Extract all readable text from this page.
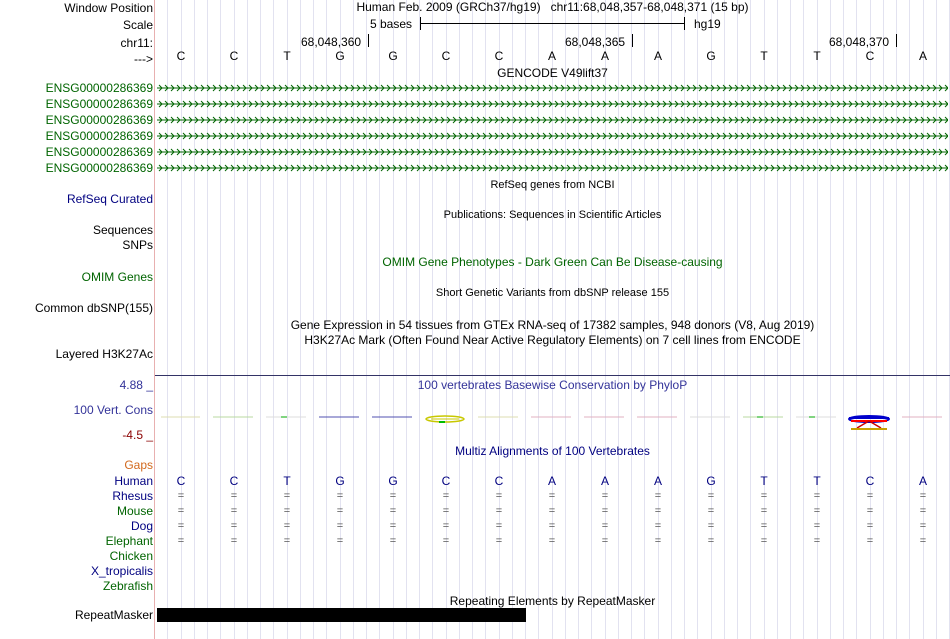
Window Position	Human Feb. 2009 (GRCh37/hg19)   chr11:68,048,357-68,048,371 (15 bp)
Scale	5 bases	hg19
chr11:	68,048,360	68,048,365	68,048,370
--->	C	C	T	G	G	C	C	A	A	A	G	T	T	C	A
GENCODE V49lift37
ENSG00000286369
ENSG00000286369
ENSG00000286369
ENSG00000286369
ENSG00000286369
ENSG00000286369
RefSeq genes from NCBI
RefSeq Curated
Publications: Sequences in Scientific Articles
Sequences
SNPs
OMIM Gene Phenotypes - Dark Green Can Be Disease-causing
OMIM Genes
Short Genetic Variants from dbSNP release 155
Common dbSNP(155)
Gene Expression in 54 tissues from GTEx RNA-seq of 17382 samples, 948 donors (V8, Aug 2019)
H3K27Ac Mark (Often Found Near Active Regulatory Elements) on 7 cell lines from ENCODE
Layered H3K27Ac
100 vertebrates Basewise Conservation by PhyloP
4.88 _
100 Vert. Cons
-4.5 _
Multiz Alignments of 100 Vertebrates
Gaps
Human	C	C	T	G	G	C	C	A	A	A	G	T	T	C	A
Rhesus	=	=	=	=	=	=	=	=	=	=	=	=	=	=	=
Mouse	=	=	=	=	=	=	=	=	=	=	=	=	=	=	=
Dog	=	=	=	=	=	=	=	=	=	=	=	=	=	=	=
Elephant	=	=	=	=	=	=	=	=	=	=	=	=	=	=	=
Chicken
X_tropicalis
Zebrafish
Repeating Elements by RepeatMasker
RepeatMasker
